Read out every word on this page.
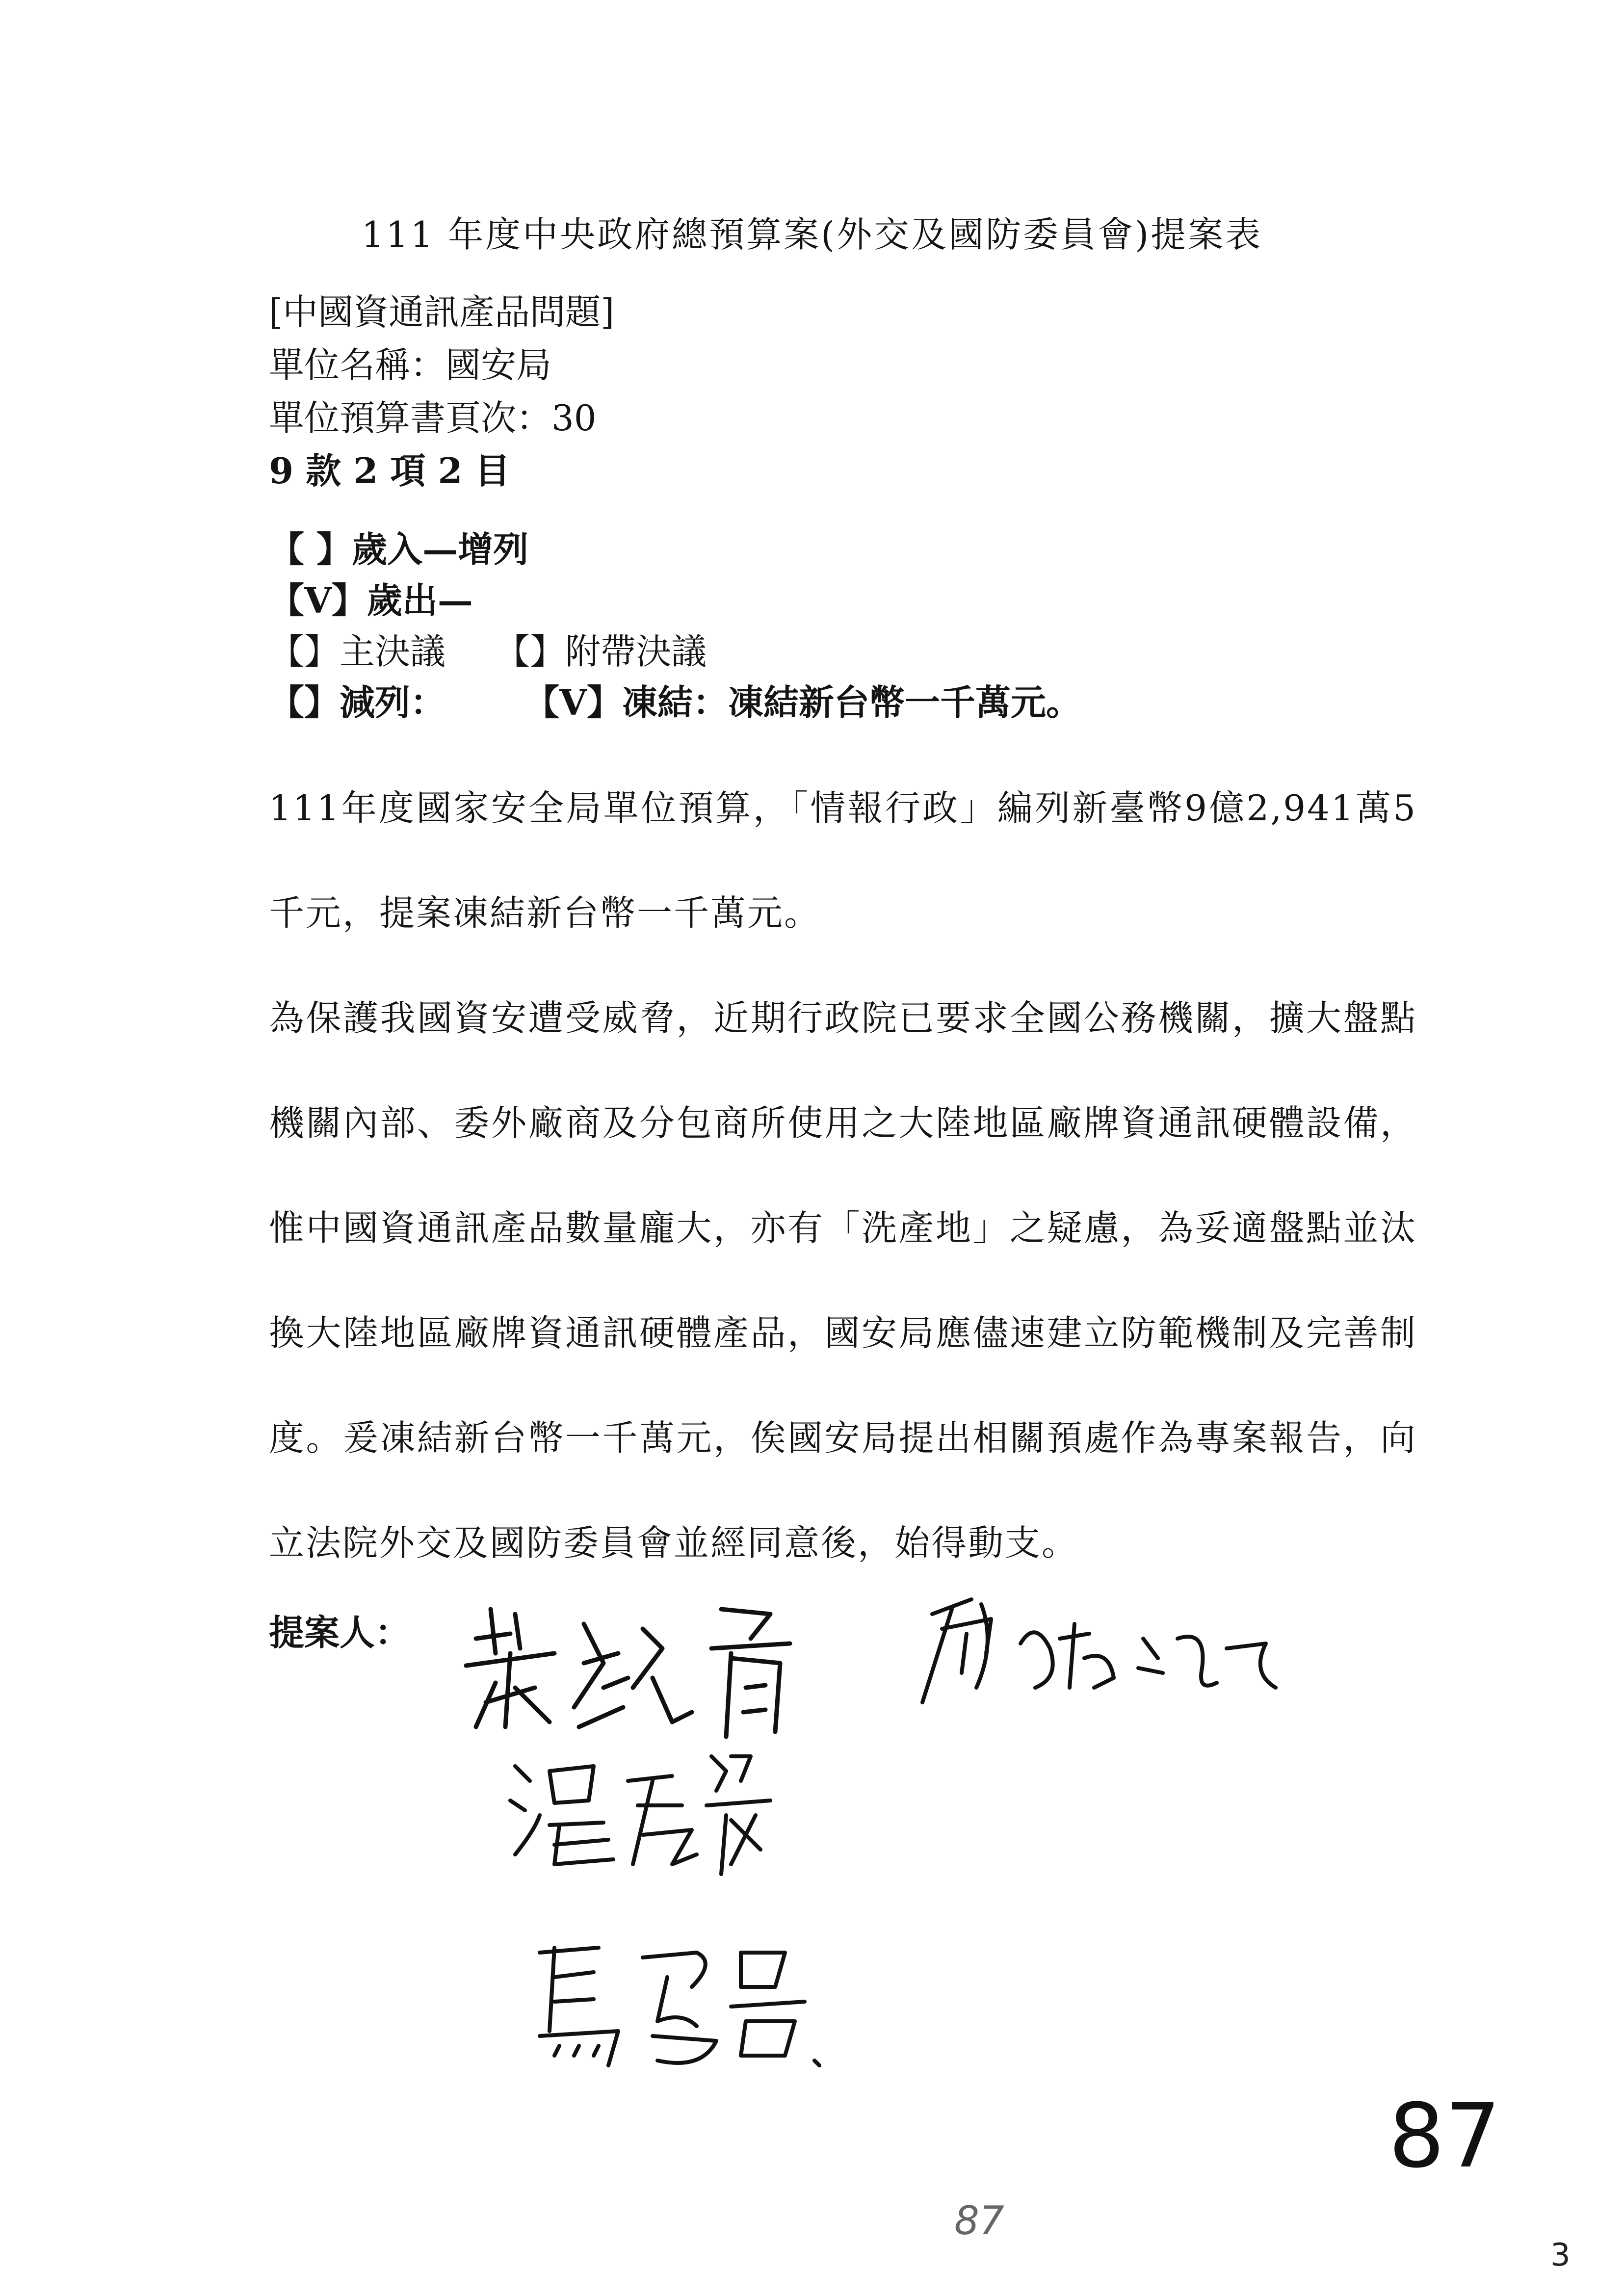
111 年度中央政府總預算案(外交及國防委員會)提案表
[中國資通訊產品問題]
單位名稱：國安局
單位預算書頁次：30
9 款 2 項 2 目
【 】歲入—增列
【V】歲出—
【】主決議 【】附帶決議
【】減列： 【V】凍結：凍結新台幣一千萬元。

111年度國家安全局單位預算，「情報行政」編列新臺幣9億2,941萬5千元，提案凍結新台幣一千萬元。

為保護我國資安遭受威脅，近期行政院已要求全國公務機關，擴大盤點機關內部、委外廠商及分包商所使用之大陸地區廠牌資通訊硬體設備，惟中國資通訊產品數量龐大，亦有「洗產地」之疑慮，為妥適盤點並汰換大陸地區廠牌資通訊硬體產品，國安局應儘速建立防範機制及完善制度。爰凍結新台幣一千萬元，俟國安局提出相關預處作為專案報告，向立法院外交及國防委員會並經同意後，始得動支。

提案人：
87
87
3
